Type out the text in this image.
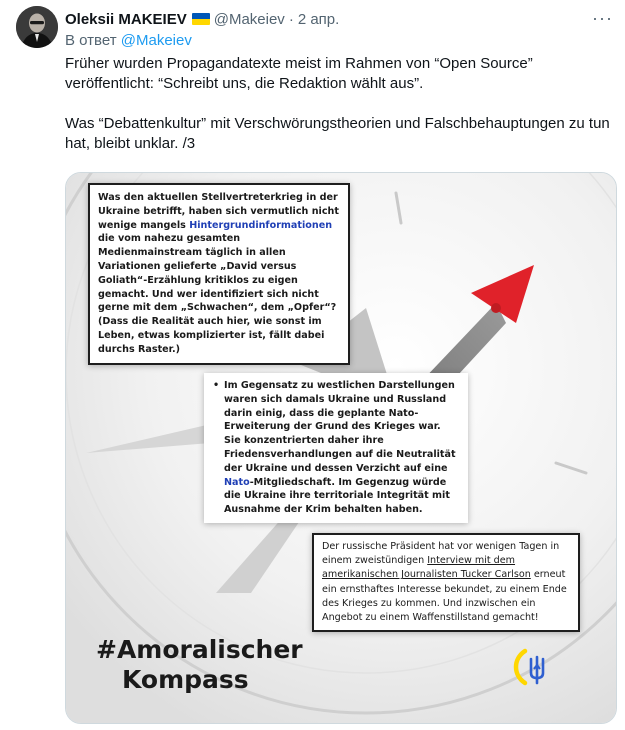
Oleksii MAKEIEV @Makeiev · 2 апр.	···
В ответ @Makeiev

Früher wurden Propagandatexte meist im Rahmen von “Open Source” veröffentlicht: “Schreibt uns, die Redaktion wählt aus”.

Was “Debattenkultur” mit Verschwörungstheorien und Falschbehauptungen zu tun hat, bleibt unklar. /3

Was den aktuellen Stellvertreterkrieg in der Ukraine betrifft, haben sich vermutlich nicht wenige mangels Hintergrundinformationen die vom nahezu gesamten Medienmainstream täglich in allen Variationen gelieferte „David versus Goliath“-Erzählung kritiklos zu eigen gemacht. Und wer identifiziert sich nicht gerne mit dem „Schwachen“, dem „Opfer“? (Dass die Realität auch hier, wie sonst im Leben, etwas komplizierter ist, fällt dabei durchs Raster.)
• Im Gegensatz zu westlichen Darstellungen waren sich damals Ukraine und Russland darin einig, dass die geplante Nato-Erweiterung der Grund des Krieges war. Sie konzentrierten daher ihre Friedensverhandlungen auf die Neutralität der Ukraine und dessen Verzicht auf eine Nato-Mitgliedschaft. Im Gegenzug würde die Ukraine ihre territoriale Integrität mit Ausnahme der Krim behalten haben.
Der russische Präsident hat vor wenigen Tagen in einem zweistündigen Interview mit dem amerikanischen Journalisten Tucker Carlson erneut ein ernsthaftes Interesse bekundet, zu einem Ende des Krieges zu kommen. Und inzwischen ein Angebot zu einem Waffenstillstand gemacht!
#Amoralischer
Kompass
